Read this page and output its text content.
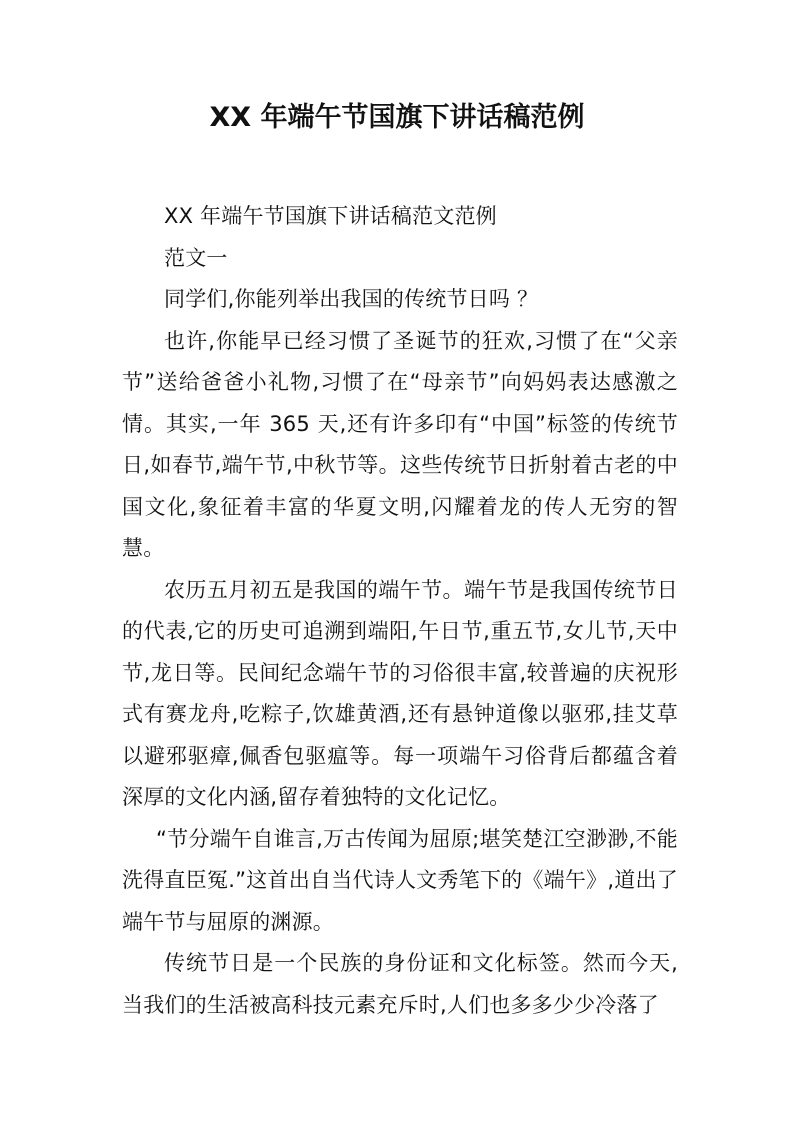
XX 年端午节国旗下讲话稿范例

XX 年端午节国旗下讲话稿范文范例

范文一

同学们,你能列举出我国的传统节日吗 ？

也许,你能早已经习惯了圣诞节的狂欢,习惯了在“父亲节”送给爸爸小礼物,习惯了在“母亲节”向妈妈表达感激之情。其实,一年 365 天,还有许多印有“中国”标签的传统节日,如春节,端午节,中秋节等。这些传统节日折射着古老的中国文化,象征着丰富的华夏文明,闪耀着龙的传人无穷的智慧。

农历五月初五是我国的端午节。端午节是我国传统节日的代表,它的历史可追溯到端阳,午日节,重五节,女儿节,天中节,龙日等。民间纪念端午节的习俗很丰富,较普遍的庆祝形式有赛龙舟,吃粽子,饮雄黄酒,还有悬钟道像以驱邪,挂艾草以避邪驱瘴,佩香包驱瘟等。每一项端午习俗背后都蕴含着深厚的文化内涵,留存着独特的文化记忆。

“节分端午自谁言,万古传闻为屈原;堪笑楚江空渺渺,不能洗得直臣冤.”这首出自当代诗人文秀笔下的《端午》,道出了端午节与屈原的渊源。

传统节日是一个民族的身份证和文化标签。然而今天,当我们的生活被高科技元素充斥时,人们也多多少少冷落了
